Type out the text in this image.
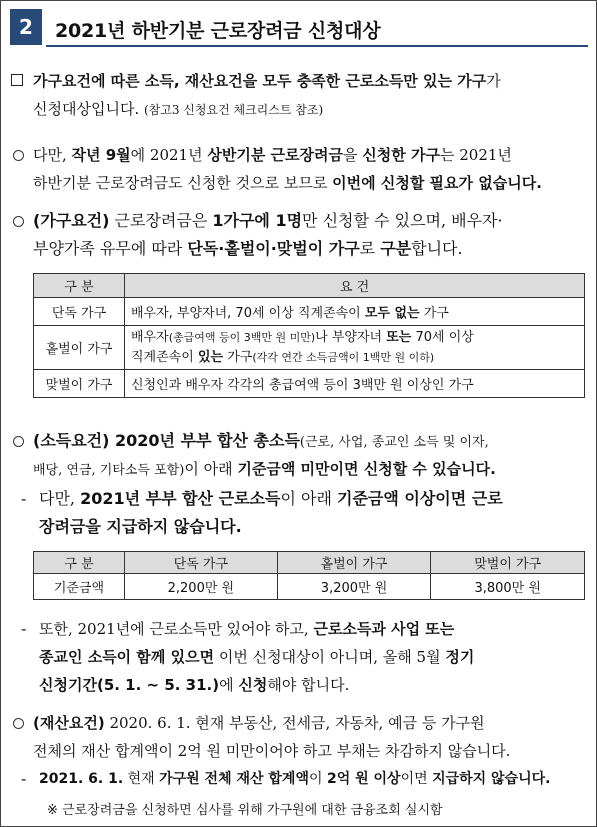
2	2021년 하반기분 근로장려금 신청대상
가구요건에 따른 소득, 재산요건을 모두 충족한 근로소득만 있는 가구가
신청대상입니다. (참고3 신청요건 체크리스트 참조)
다만, 작년 9월에 2021년 상반기분 근로장려금을 신청한 가구는 2021년
하반기분 근로장려금도 신청한 것으로 보므로 이번에 신청할 필요가 없습니다.
(가구요건) 근로장려금은 1가구에 1명만 신청할 수 있으며, 배우자·
부양가족 유무에 따라 단독·홑벌이·맞벌이 가구로 구분합니다.
구 분	요 건
단독 가구	배우자, 부양자녀, 70세 이상 직계존속이 모두 없는 가구
홑벌이 가구	배우자(총급여액 등이 3백만 원 미만)나 부양자녀 또는 70세 이상
직계존속이 있는 가구(각각 연간 소득금액이 1백만 원 이하)
맞벌이 가구	신청인과 배우자 각각의 총급여액 등이 3백만 원 이상인 가구
(소득요건) 2020년 부부 합산 총소득(근로, 사업, 종교인 소득 및 이자,
배당, 연금, 기타소득 포함)이 아래 기준금액 미만이면 신청할 수 있습니다.
- 다만, 2021년 부부 합산 근로소득이 아래 기준금액 이상이면 근로
장려금을 지급하지 않습니다.
구 분	단독 가구	홑벌이 가구	맞벌이 가구
기준금액	2,200만 원	3,200만 원	3,800만 원
- 또한, 2021년에 근로소득만 있어야 하고, 근로소득과 사업 또는
종교인 소득이 함께 있으면 이번 신청대상이 아니며, 올해 5월 정기
신청기간(5. 1. ~ 5. 31.)에 신청해야 합니다.
(재산요건) 2020. 6. 1. 현재 부동산, 전세금, 자동차, 예금 등 가구원
전체의 재산 합계액이 2억 원 미만이어야 하고 부채는 차감하지 않습니다.
- 2021. 6. 1. 현재 가구원 전체 재산 합계액이 2억 원 이상이면 지급하지 않습니다.
※ 근로장려금을 신청하면 심사를 위해 가구원에 대한 금융조회 실시함
